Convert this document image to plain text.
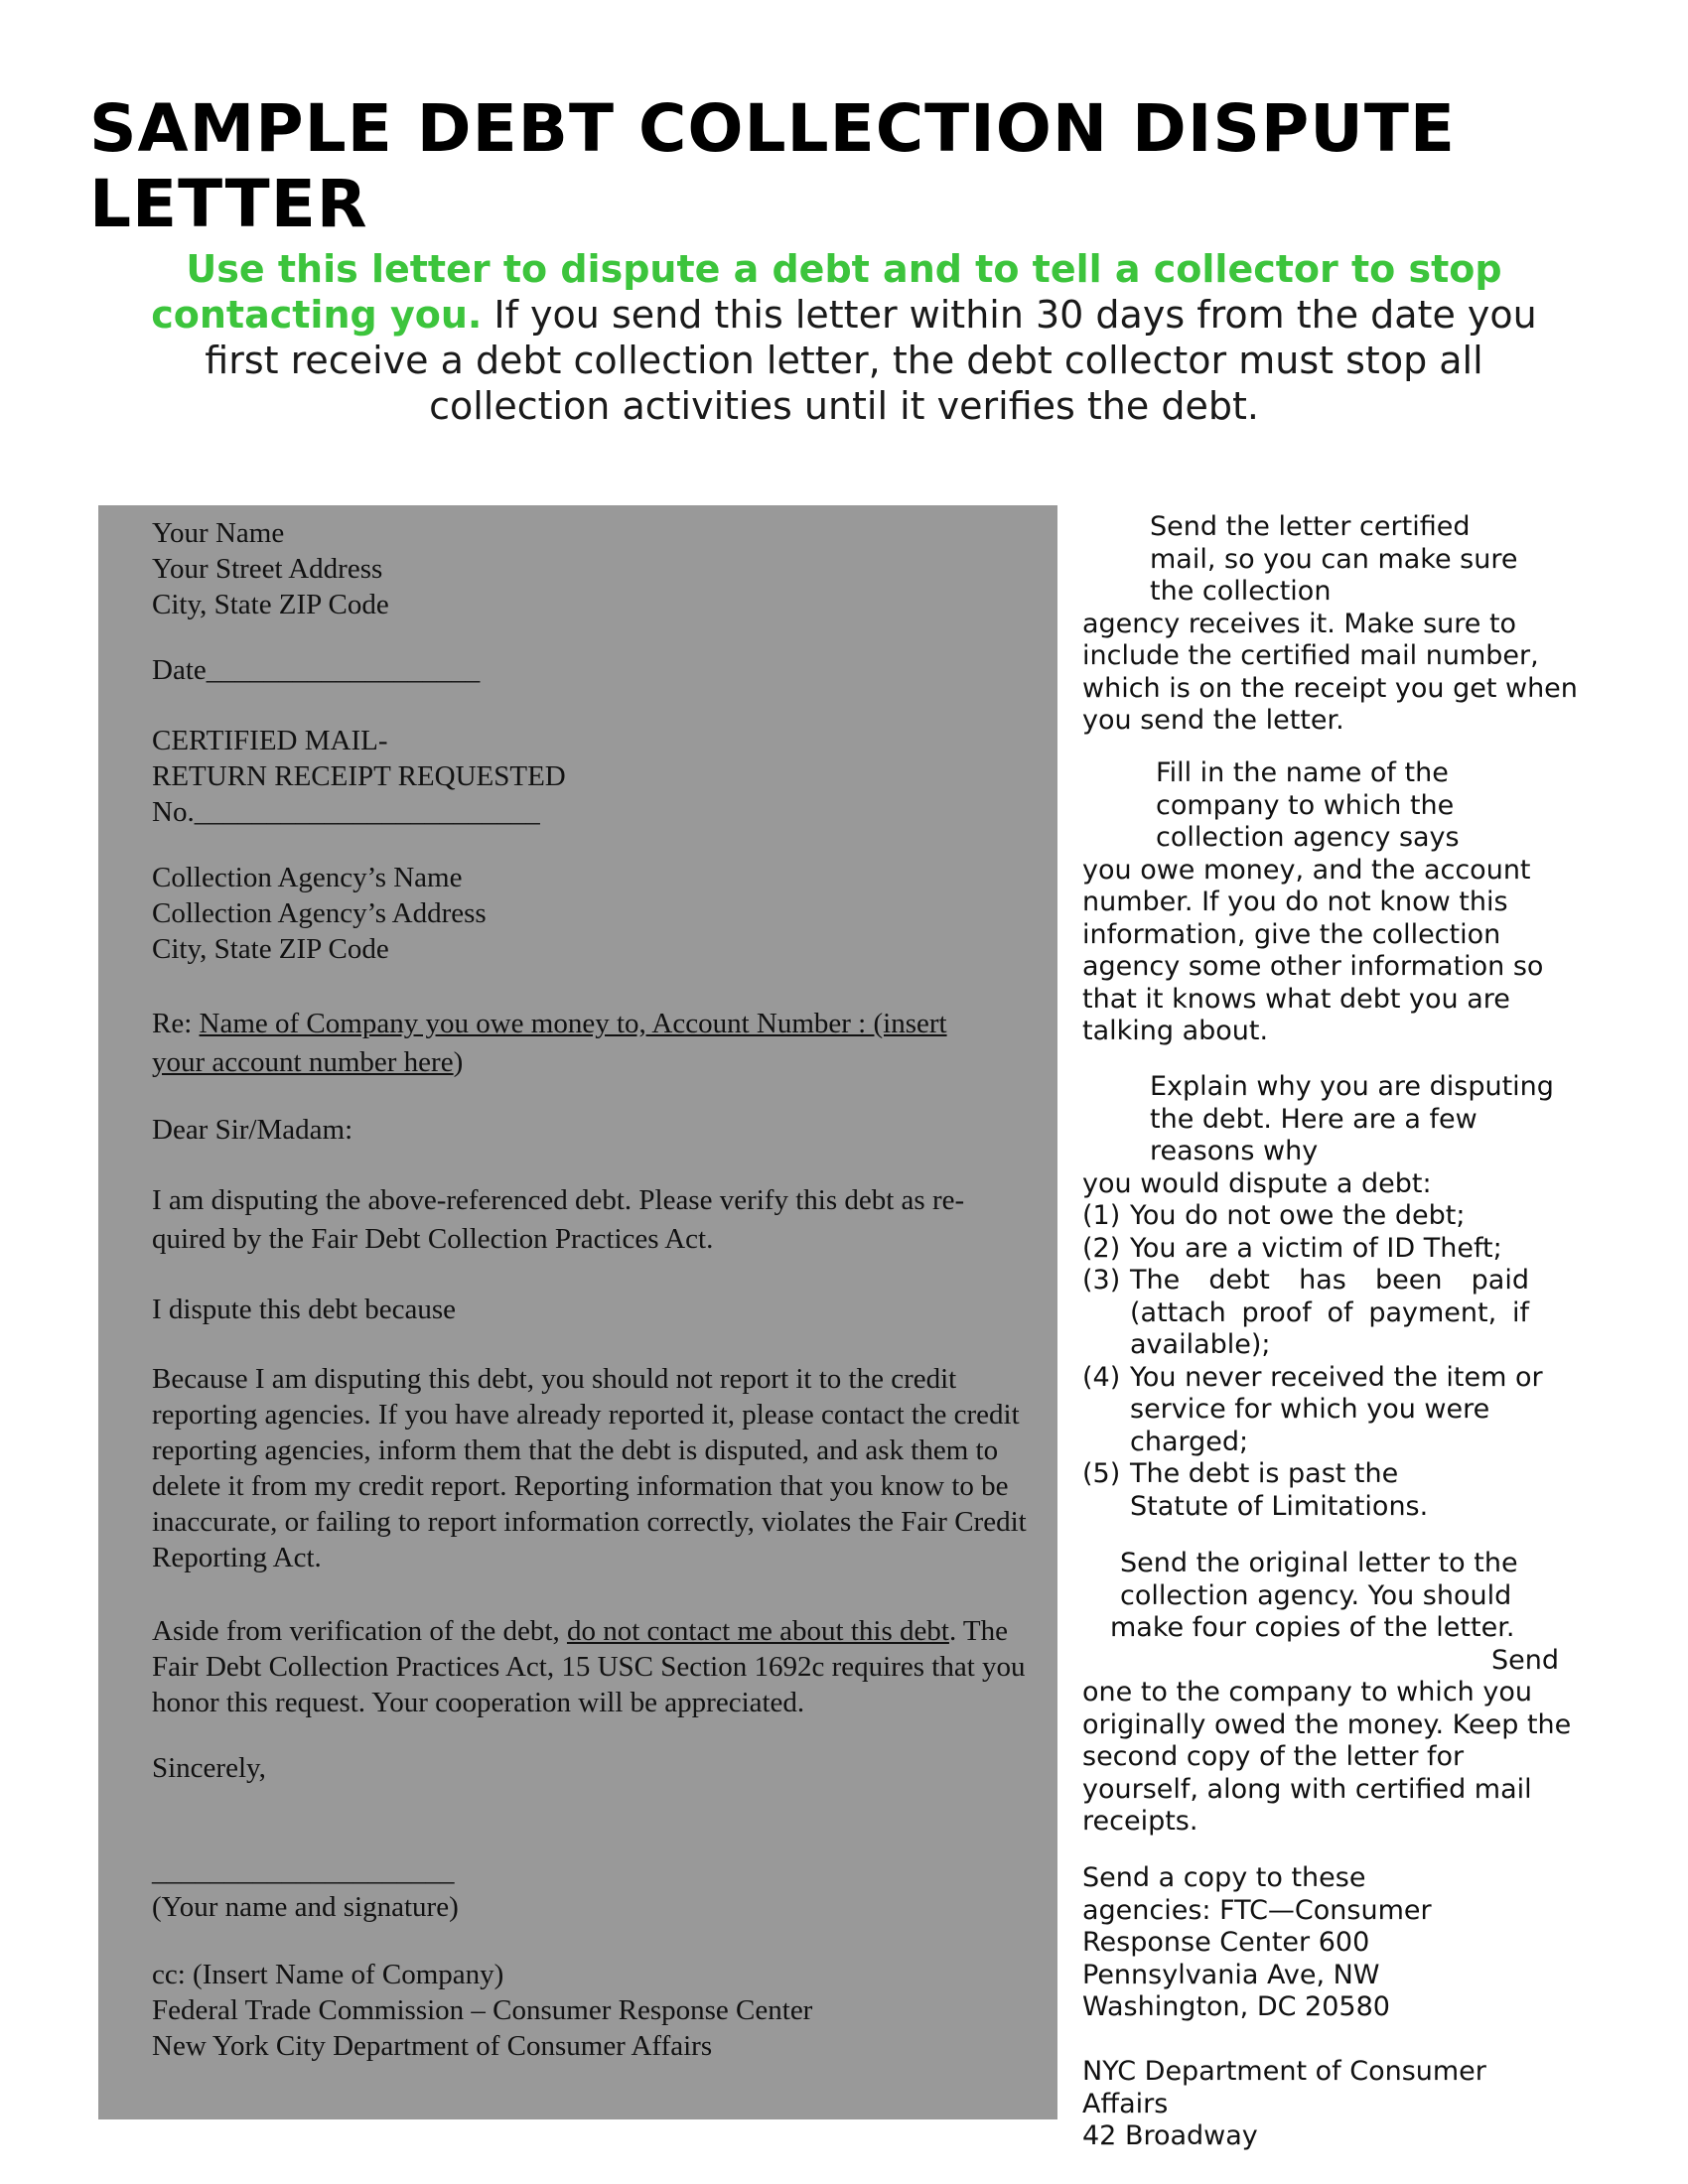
SAMPLE DEBT COLLECTION DISPUTE LETTER
Use this letter to dispute a debt and to tell a collector to stop contacting you. If you send this letter within 30 days from the date you first receive a debt collection letter, the debt collector must stop all collection activities until it verifies the debt.
Your Name
Your Street Address
City, State ZIP Code
Date___________________
CERTIFIED MAIL-
RETURN RECEIPT REQUESTED
No.________________________
Collection Agency’s Name
Collection Agency’s Address
City, State ZIP Code
Re: Name of Company you owe money to, Account Number : (insert your account number here)
Dear Sir/Madam:
I am disputing the above-referenced debt. Please verify this debt as re-quired by the Fair Debt Collection Practices Act.
I dispute this debt because
Because I am disputing this debt, you should not report it to the credit reporting agencies. If you have already reported it, please contact the credit reporting agencies, inform them that the debt is disputed, and ask them to delete it from my credit report. Reporting information that you know to be inaccurate, or failing to report information correctly, violates the Fair Credit Reporting Act.
Aside from verification of the debt, do not contact me about this debt. The Fair Debt Collection Practices Act, 15 USC Section 1692c requires that you honor this request. Your cooperation will be appreciated.
Sincerely,
_____________________
(Your name and signature)
cc: (Insert Name of Company)
Federal Trade Commission – Consumer Response Center
New York City Department of Consumer Affairs

Send the letter certified

mail, so you can make sure

the collection

agency receives it. Make sure to include the certified mail number, which is on the receipt you get when you send the letter.

Fill in the name of the

company to which the

collection agency says

you owe money, and the account number. If you do not know this information, give the collection agency some other information so that it knows what debt you are talking about.

Explain why you are disputing

the debt. Here are a few

reasons why

you would dispute a debt:

(1) You do not owe the debt;
(2) You are a victim of ID Theft;
(3) The debt has been paid (attach proof of payment, if available);
(4) You never received the item or service for which you were charged;
(5) The debt is past the Statute of Limitations.

Send the original letter to the

collection agency. You should

make four copies of the letter.

Send

one to the company to which you originally owed the money. Keep the second copy of the letter for yourself, along with certified mail receipts.

Send a copy to these

agencies: FTC—Consumer

Response Center 600

Pennsylvania Ave, NW

Washington, DC 20580

NYC Department of Consumer

Affairs

42 Broadway
